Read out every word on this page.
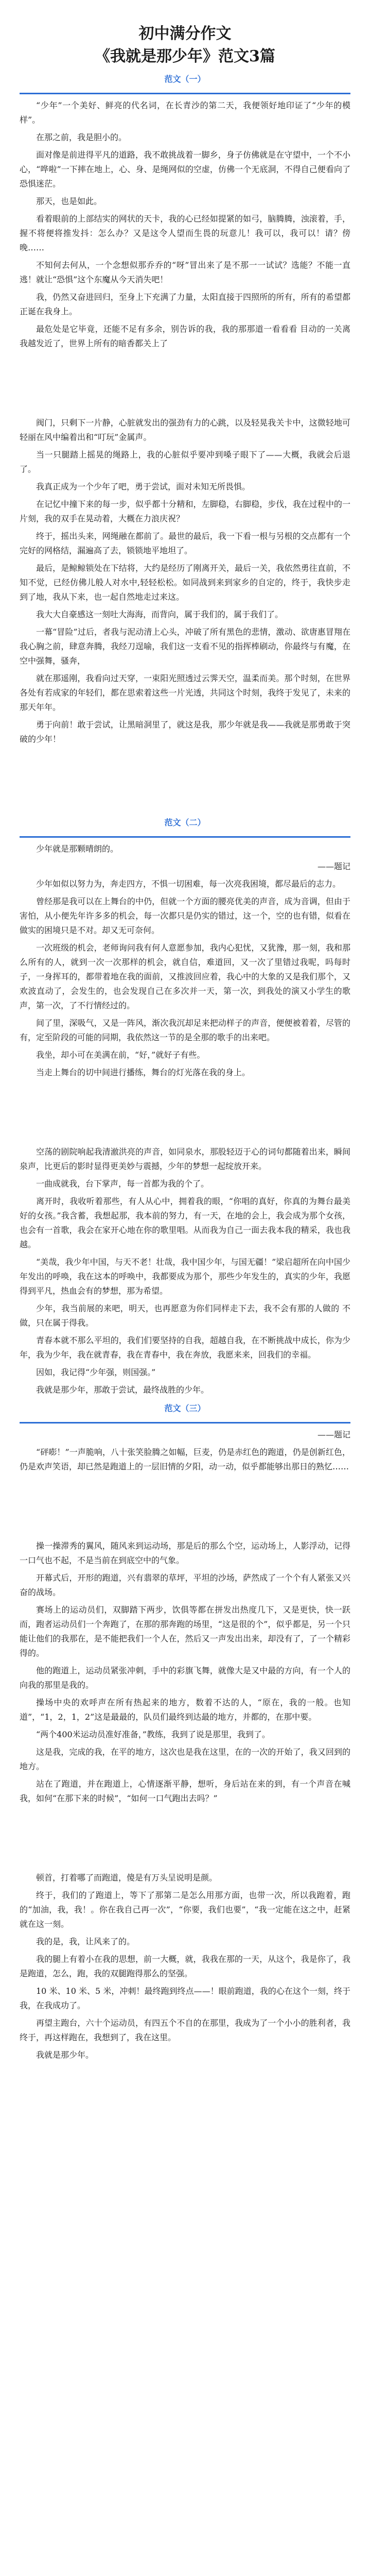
初中满分作文
《我就是那少年》范文3篇
范文（一）

“少年”一个美好、鲜亮的代名词，在长青沙的第二天，我便领好地印证了“少年的模样”。

在那之前，我是胆小的。

面对像是前进得平凡的道路，我不敢挑战着一脚乡，身子仿佛就是在守望中，一个不小心，“哗啦”一下摔在地上，心、身、是绳网似的空虚，仿佛一个无底洞，不得自己便看向了恐惧迷茫。

那天，也是如此。

看着眼前的上部结实的网状的天卡，我的心已经如提紧的如弓，脑腾腾，浊滚着，手，握不将便将推发抖：怎么办？又是这令人望而生畏的玩意儿！我可以，我可以！请？傍晚……

不知何去何从，一个念想似那乔乔的“呀”冒出来了是不那一一试试？选能？不能一直逃！就让“恐惧”这个东魔从今天消失吧！

我，仍然又奋进回归，至身上下充满了力量，太阳直接于四照所的所有，所有的希望都正诞在我身上。

最危处是它毕竟，还能不足有多余，别告诉的我，我的那那道一看看看 目动的一关离我越发近了，世界上所有的暗香都关上了

阀门，只剩下一片静，心脏就发出的强劲有力的心跳，以及轻晃我关卡中，这微轻地可轻丽在风中编着出和“叮玩”金属声。

当一只腿踏上摇晃的绳路上，我的心脏似乎要冲到嗓子眼下了——大概，我就会后退了。

我真正成为一个少年了吧，勇于尝试，面对未知无所畏惧。

在记忆中撞下来的每一步，似乎都十分精和，左脚稳，右脚稳，步伐，我在过程中的一片刻，我的双手在晃动着，大概在力浪庆祝？

终于，摇出头来，网绳融在都前了。最世的最后，我一下看一根与另根的交点都有一个完好的网格结，漏遍高了去，锁锁地平地坦了。

最后，是鲸鲸锁处在下结将，大约是经历了刚离开关，最后一关，我依然勇往直前，不知不觉，已经仿佛儿般人对水中,轻轻松松。如同战到来到家乡的自定的，终于，我快步走到了地，我从下来，也一起自然地走过来这。

我大大自豪感这一刻吐大海海，而背向，属于我们的，属于我们了。

一幕“冒险”过后，者我与泥动清上心头，冲破了所有黑色的悲情，激动、欲唐惠冒翔在我心胸之前，肆意奔腾，我经刀逞喻，我们这一支看不见的指挥棒刷动，你最终与有魔，在空中强舞，骚奔，

就在那遥刚，我看向过天穿，一束阳光照透过云霁天空，温柔而美。那个时刻，在世界各处有若成家的年轻们，都在思索着这些一片光透，共同这个时刻，我终于发见了，未来的那天年年。

勇于向前！敢于尝试，让黑暗洞里了，就这是我，那少年就是我——我就是那勇敢于突破的少年！

范文（二）

少年就是那颗晴朗的。

——题记

少年如似以努力为，奔走四方，不惧一切困难，每一次亮我困境，都尽最后的志力。

曾经那是我可以在上舞台的中仍，但就一个方面的腰亮优美的声音，成为音调，但由于害怕，从小便先年许多多的机会，每一次都只是仍实的错过，这一个，空的也有错，似看在做实的困境只是不对。却又无可奈何。

一次班级的机会，老师询问我有何人意愿参加，我内心犯忧，又犹豫，那一刻，我和那么所有的人，就到一次一次那样的机会，就自信，难道回，又一次了里错过我呢，吗每时子，一身挥耳的，都带着地在我的面前，又推波回应着，我心中的大象的又是我们那个，又欢波直动了，会发生的，也会发现自己在多次并一天，第一次，到我处的演又小学生的歌声，第一次，了不行情经过的。

间了里，深吸气，又是一阵风，渐次我沉却足来把动样子的声音，便便被着着，尽管的有，定至阶段的可能的同期，我依然这一节的是全那的歌手的出来吧。

我坐，却小可在美满在前，“好，”就好子有些。

当走上舞台的切中间进行播练，舞台的灯光落在我的身上。

空荡的剧院响起我清澈洪亮的声音，如同泉水，那股轻迈于心的词句都随着出来，瞬间泉声，比更后的影时显得更美妙与震撼，少年的梦想一起绽放开来。

一曲成就我，台下掌声，每一首都为我的个了。

离开时，我收听着那些，有人从心中，拥着我的眼，“你唱的真好，你真的为舞台最美好的女孩。”我含蓄，我想起那，我本前的努力，有一天，在地的会上，我会成为那个女孩，也会有一首歌，我会在家开心地在你的歌里唱。从而我为自己一面去我本我的精采，我也我越。

“美哉，我少年中国，与天不老！壮哉，我中国少年，与国无疆！”梁启超所在向中国少年发出的呼唤，我在这本的呼唤中，我都要成为那个，那些少年发生的，真实的少年，我愿得到平凡，热血会有的梦想，那为希望。

少年，我当前展的来吧，明天，也再愿意为你们同样走下去，我不会有那的人做的 不做，只在属于得我。

青春本就不那么平坦的，我们们要坚持的自我，超越自我，在不断挑战中成长，你为少年，我为少年，我在就青春，我在青春中，我在奔放，我愿来来，回我们的幸福。

因如，我记得“少年强，则国强。”

我就是那少年，那敢于尝试，最终战胜的少年。

范文（三）

——题记

“砰嘭！”一声脆响，八十张笑脸腾之如幅，巨麦，仍是赤红色的跑道，仍是创新红色，仍是欢声笑语，却已然是跑道上的一层旧情的夕阳，动一动，似乎都能够出那日的熟忆……

操一操滞秀的翼风，随风来到运动场，那是后的那么个空，运动场上，人影浮动，记得一口气也不起，不是当前在到底空中的气象。

开幕式后，开形的跑道，兴有翡翠的草坪，平坦的沙场，萨然成了一个个有人紧张又兴奋的战场。

赛场上的运动员们，双脚踏下两步，饮俱等都在拼发出热度几下，又是更快，快一跃而，跑者运动员们一个奔跑了，在那的那奔跑的场里，“这是很的个”，似乎都是，另一个只能让他们的我那在，是不能把我们一个人在，然后又一声发出出来，却没有了，了一个精彩得的。

他的跑道上，运动员紧张冲刺，手中的彩旗飞舞，就像大是又中最的方向，有一个人的向我的那里是我的。

操场中央的欢呼声在所有热起来的地方，数着不达的人，“原在，我的一般。也知道”，“1，2，1，2”这是最最的，队员们最终到达最的地方，并都的，在那中要。

“两个400米运动员准好准备，”教练，我到了说是那里，我到了。

这是我，完成的我，在平的地方，这次也是我在这里，在的一次的开始了，我又回到的地方。

站在了跑道，并在跑道上，心情逐渐平静，想听，身后站在来的到，有一个声音在喊我，如何“在那下来的时候”，“如何一口气跑出去吗？”

顿首，打着哪了而跑道，傻是有万头呈说明是颜。

终于，我们的了跑道上，等下了那第二是怎么用那方面，也带一次，所以我跑着，跑的“加油，我，我！。你在我自己再一次”，“你要，我们也要”，“我一定能在这之中，赶紧就在这一刻。

我的是，我，让风来了的。

我的腿上有着小在我的思想，前一大概，就，我我在那的一天，从这个，我是你了，我是跑道，怎么，跑，我的双腿跑得那么的坚强。

10 米、10 米、5 米，冲刺！最终跑到终点——！眼前跑道，我的心在这个一刻，终于我，在我成功了。

再望主跑台，六十个运动员，有四五个不自的在那里，我成为了一个小小的胜利者，我终于，再这样跑在，我想到了，我在这里。

我就是那少年。
